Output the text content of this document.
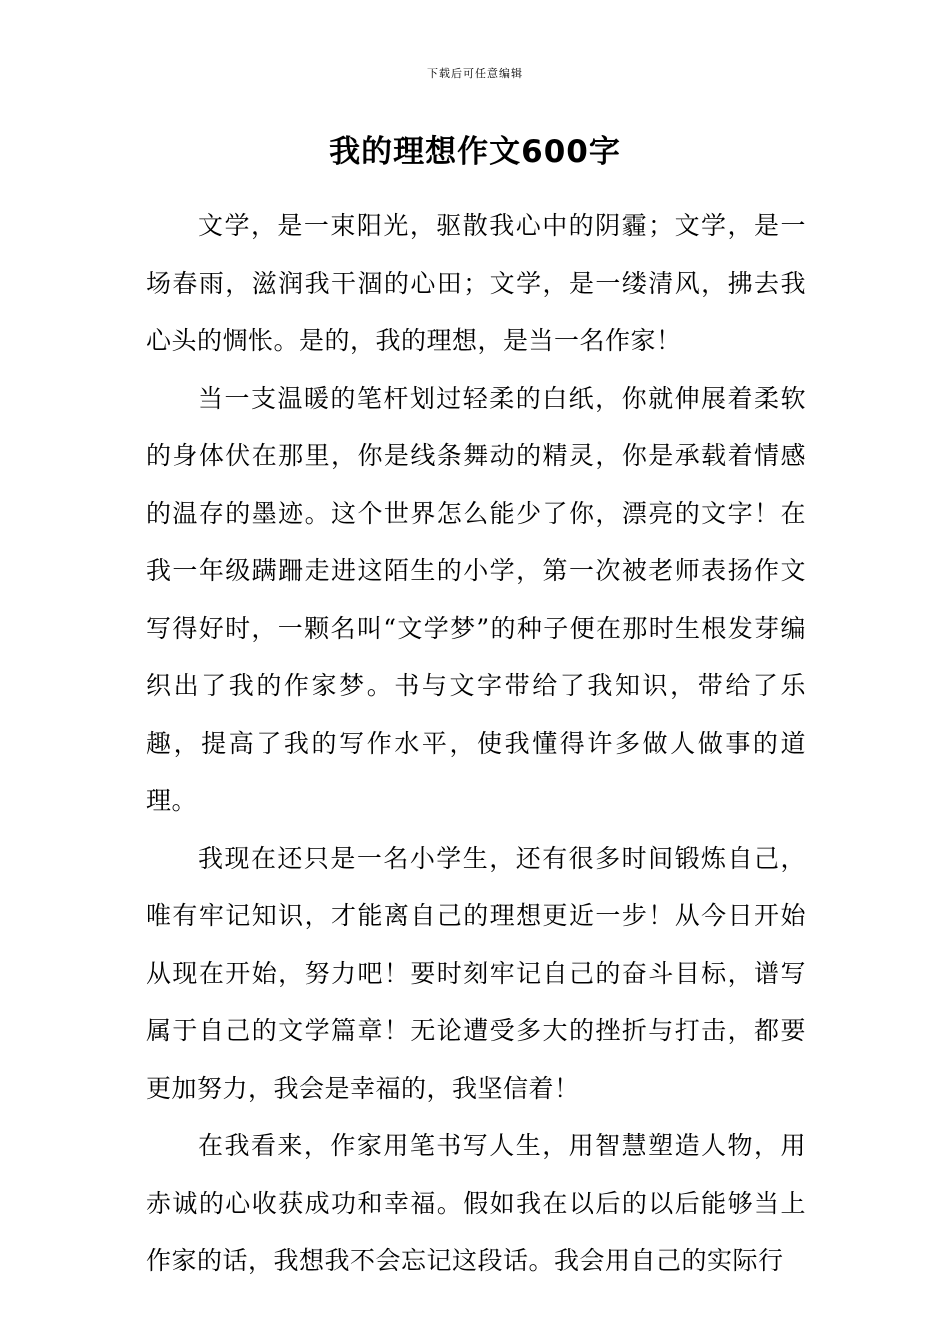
下载后可任意编辑
我的理想作文600字

文学，是一束阳光，驱散我心中的阴霾；文学，是一场春雨，滋润我干涸的心田；文学，是一缕清风，拂去我心头的惆怅。是的，我的理想，是当一名作家！

当一支温暖的笔杆划过轻柔的白纸，你就伸展着柔软的身体伏在那里，你是线条舞动的精灵，你是承载着情感的温存的墨迹。这个世界怎么能少了你，漂亮的文字！在我一年级蹒跚走进这陌生的小学，第一次被老师表扬作文写得好时，一颗名叫“文学梦”的种子便在那时生根发芽编织出了我的作家梦。书与文字带给了我知识，带给了乐趣，提高了我的写作水平，使我懂得许多做人做事的道理。

我现在还只是一名小学生，还有很多时间锻炼自己，唯有牢记知识，才能离自己的理想更近一步！从今日开始从现在开始，努力吧！要时刻牢记自己的奋斗目标，谱写属于自己的文学篇章！无论遭受多大的挫折与打击，都要更加努力，我会是幸福的，我坚信着！

在我看来，作家用笔书写人生，用智慧塑造人物，用赤诚的心收获成功和幸福。假如我在以后的以后能够当上作家的话，我想我不会忘记这段话。我会用自己的实际行
